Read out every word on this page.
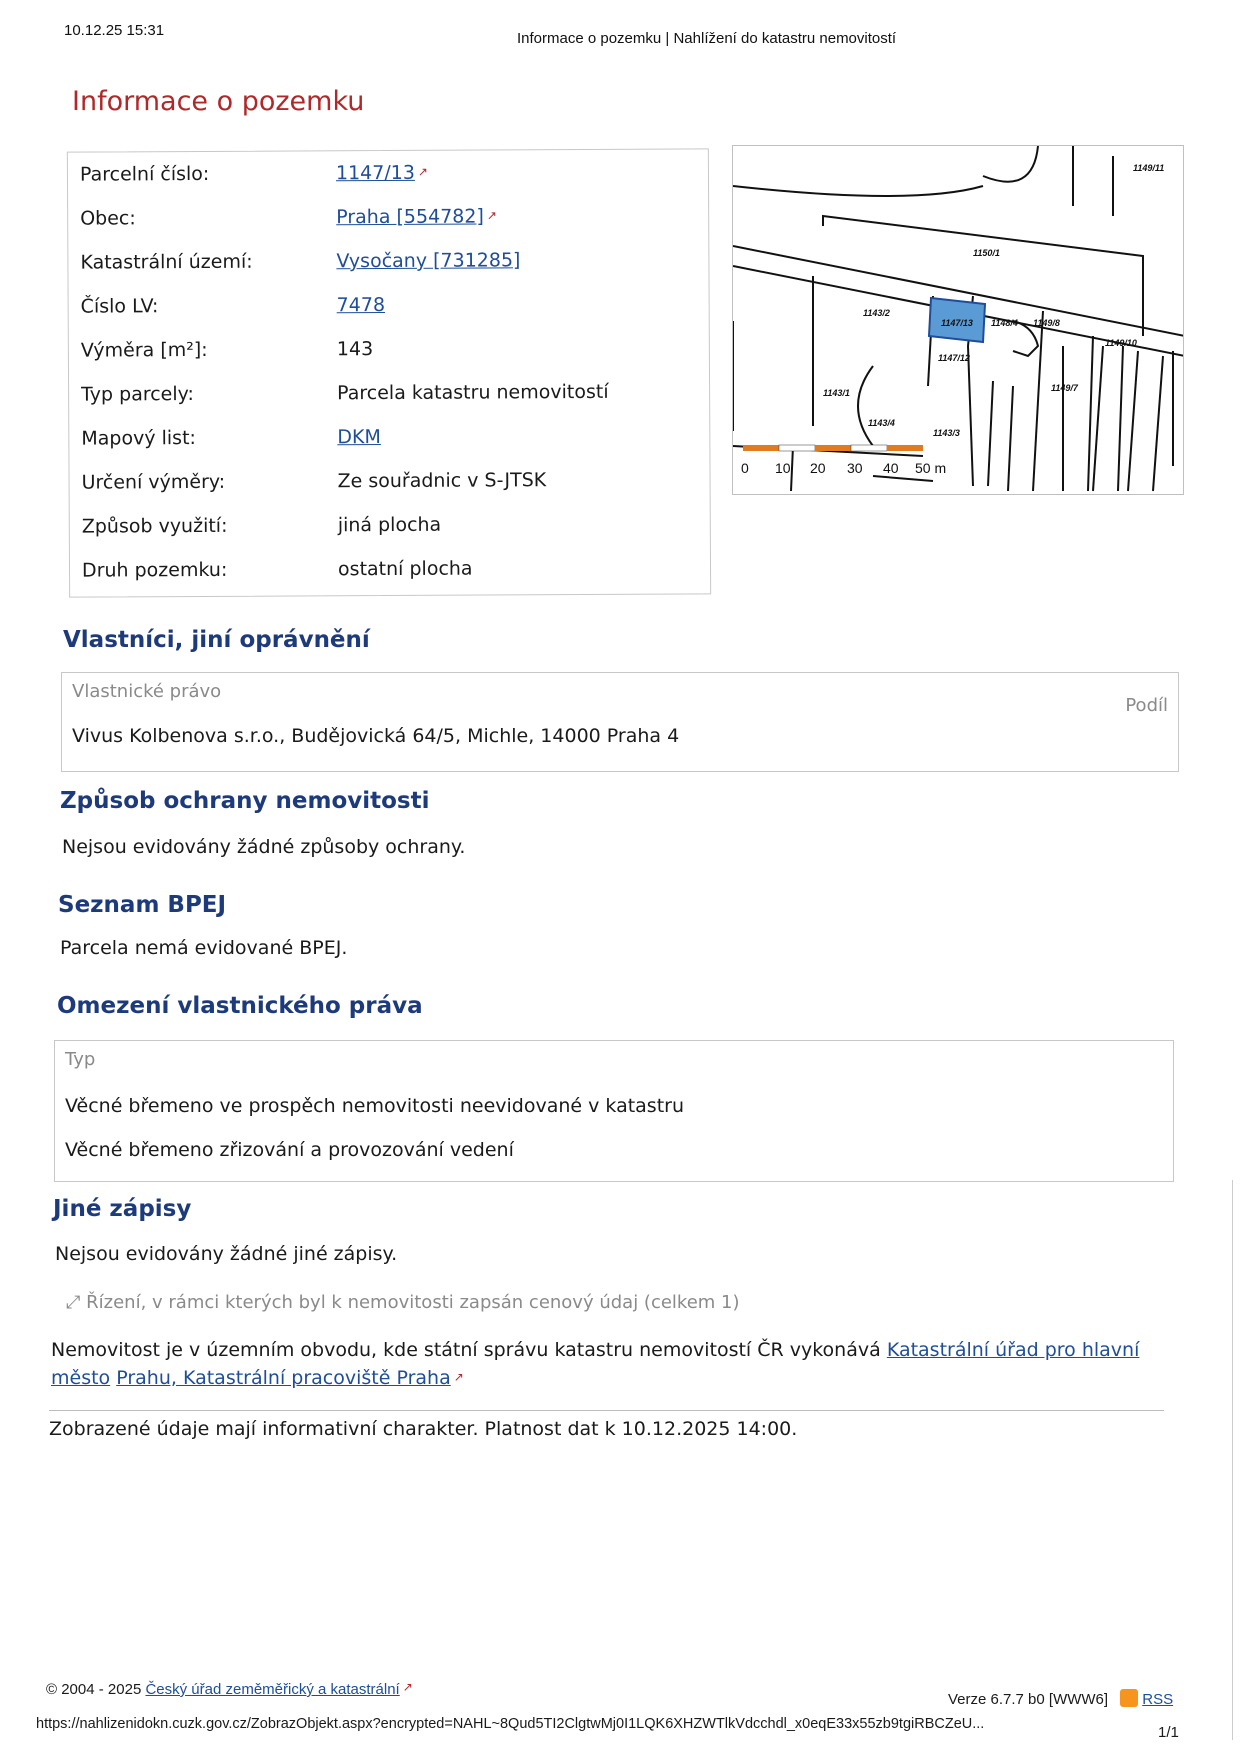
10.12.25 15:31	Informace o pozemku | Nahlížení do katastru nemovitostí
Informace o pozemku
Parcelní číslo:	1147/13 ↗
Obec:	Praha [554782] ↗
Katastrální území:	Vysočany [731285]
Číslo LV:	7478
Výměra [m²]:	143
Typ parcely:	Parcela katastru nemovitostí
Mapový list:	DKM
Určení výměry:	Ze souřadnic v S-JTSK
Způsob využití:	jiná plocha
Druh pozemku:	ostatní plocha
1147/13
1147/12
1143/2
1143/1
1143/4
1143/3
1148/4 1149/8
1149/7
1149/10
1150/1
1149/11
0 10 20 30 40 50 m
Vlastníci, jiní oprávnění
Vlastnické právo
Podíl
Vivus Kolbenova s.r.o., Budějovická 64/5, Michle, 14000 Praha 4
Způsob ochrany nemovitosti
Nejsou evidovány žádné způsoby ochrany.
Seznam BPEJ
Parcela nemá evidované BPEJ.
Omezení vlastnického práva
Typ
Věcné břemeno ve prospěch nemovitosti neevidované v katastru
Věcné břemeno zřizování a provozování vedení
Jiné zápisy
Nejsou evidovány žádné jiné zápisy.
⤢ Řízení, v rámci kterých byl k nemovitosti zapsán cenový údaj (celkem 1)
Nemovitost je v územním obvodu, kde státní správu katastru nemovitostí ČR vykonává Katastrální úřad pro hlavní město Prahu, Katastrální pracoviště Praha ↗
Zobrazené údaje mají informativní charakter. Platnost dat k 10.12.2025 14:00.
© 2004 - 2025 Český úřad zeměměřický a katastrální ↗
Verze 6.7.7 b0 [WWW6] RSS
https://nahlizenidokn.cuzk.gov.cz/ZobrazObjekt.aspx?encrypted=NAHL~8Qud5TI2ClgtwMj0I1LQK6XHZWTlkVdcchdl_x0eqE33x55zb9tgiRBCZeU...	1/1
